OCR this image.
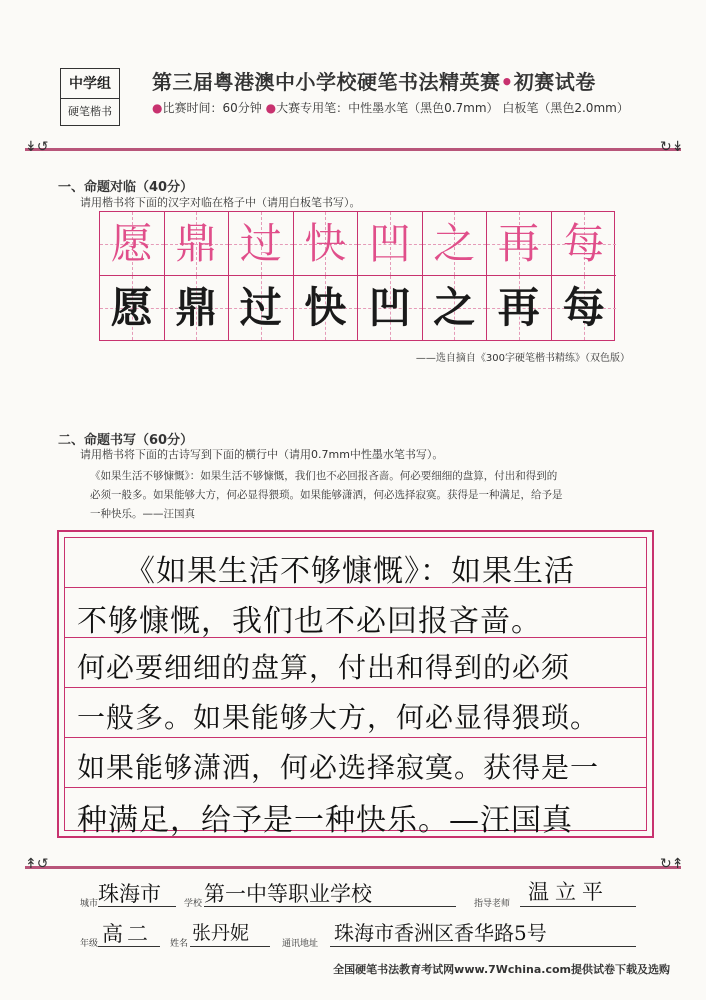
中学组
硬笔楷书
第三届粤港澳中小学校硬笔书法精英赛•初赛试卷
●比赛时间：60分钟 ●大赛专用笔：中性墨水笔（黑色0.7mm） 白板笔（黑色2.0mm）
↡↺	↻↡
一、命题对临（40分）
请用楷书将下面的汉字对临在格子中（请用白板笔书写）。
愿 鼎 过 快 凹 之 再 每
愿 鼎 过 快 凹 之 再 每
——选自摘自《300字硬笔楷书精练》（双色版）
二、命题书写（60分）
请用楷书将下面的古诗写到下面的横行中（请用0.7mm中性墨水笔书写）。
《如果生活不够慷慨》：如果生活不够慷慨，我们也不必回报吝啬。何必要细细的盘算，付出和得到的
必须一般多。如果能够大方，何必显得猥琐。如果能够潇洒，何必选择寂寞。获得是一种满足，给予是
一种快乐。——汪国真
《如果生活不够慷慨》：如果生活
不够慷慨，我们也不必回报吝啬。
何必要细细的盘算，付出和得到的必须
一般多。如果能够大方，何必显得猥琐。
如果能够潇洒，何必选择寂寞。获得是一
种满足，给予是一种快乐。—汪国真
↟↺	↻↟
城市 珠海市	学校 第一中等职业学校	指导老师 温立平
年级 高二 姓名 张丹妮	通讯地址 珠海市香洲区香华路5号
全国硬笔书法教育考试网www.7Wchina.com提供试卷下载及选购
